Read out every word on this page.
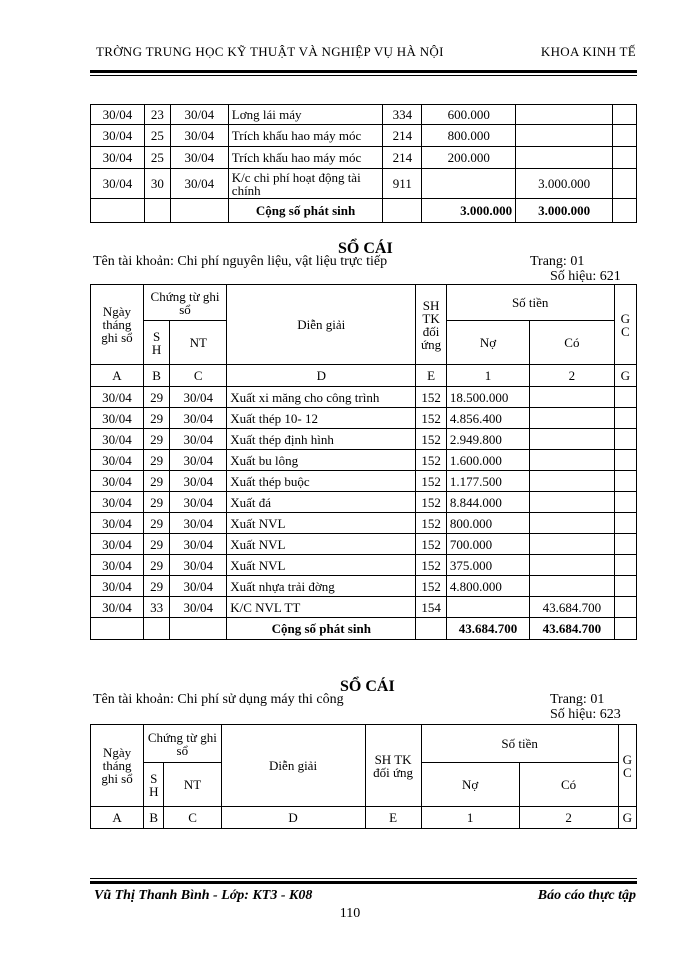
TRỜNG TRUNG HỌC KỸ THUẬT VÀ NGHIỆP VỤ HÀ NỘI	KHOA KINH TẾ
30/04	23	30/04	Lơng lái máy	334	600.000		
30/04	25	30/04	Trích khấu hao máy móc	214	800.000		
30/04	25	30/04	Trích khấu hao máy móc	214	200.000		
30/04	30	30/04	K/c chi phí hoạt động tài chính	911		3.000.000	
			Cộng số phát sinh		3.000.000	3.000.000	
SỔ CÁI
Tên tài khoản: Chi phí nguyên liệu, vật liệu trực tiếp	Trang: 01
Số hiệu: 621
Ngày tháng ghi sổ	Chứng từ ghi sổ		Diễn giải	SH TK đối ứng	Số tiền		G C
	S H	NT			Nợ	Có	
A	B	C	D	E	1	2	G
30/04	29	30/04	Xuất xi măng cho công trình	152	18.500.000		
30/04	29	30/04	Xuất thép 10- 12	152	4.856.400		
30/04	29	30/04	Xuất thép định hình	152	2.949.800		
30/04	29	30/04	Xuất bu lông	152	1.600.000		
30/04	29	30/04	Xuất thép buộc	152	1.177.500		
30/04	29	30/04	Xuất đá	152	8.844.000		
30/04	29	30/04	Xuất NVL	152	800.000		
30/04	29	30/04	Xuất NVL	152	700.000		
30/04	29	30/04	Xuất NVL	152	375.000		
30/04	29	30/04	Xuất nhựa trải đờng	152	4.800.000		
30/04	33	30/04	K/C NVL TT	154		43.684.700	
			Cộng số phát sinh		43.684.700	43.684.700	
SỔ CÁI
Tên tài khoản: Chi phí sử dụng máy thi công	Trang: 01
Số hiệu: 623
Ngày tháng ghi sổ	Chứng từ ghi sổ		Diễn giải	SH TK đối ứng	Số tiền		G C
	S H	NT			Nợ	Có	
A	B	C	D	E	1	2	G
Vũ Thị Thanh Bình - Lớp: KT3 - K08	Báo cáo thực tập
110
